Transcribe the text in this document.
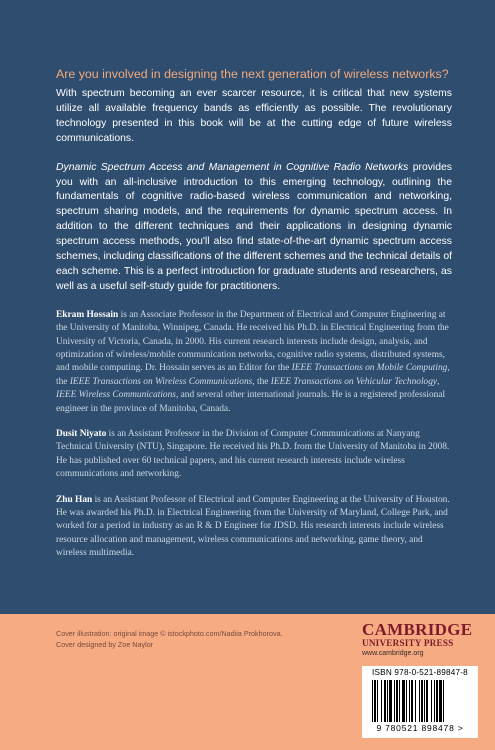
Are you involved in designing the next generation of wireless networks?

With spectrum becoming an ever scarcer resource, it is critical that new systems utilize all available frequency bands as efficiently as possible. The revolutionary technology presented in this book will be at the cutting edge of future wireless communications.

Dynamic Spectrum Access and Management in Cognitive Radio Networks provides you with an all-inclusive introduction to this emerging technology, outlining the fundamentals of cognitive radio-based wireless communication and networking, spectrum sharing models, and the requirements for dynamic spectrum access. In addition to the different techniques and their applications in designing dynamic spectrum access methods, you'll also find state-of-the-art dynamic spectrum access schemes, including classifications of the different schemes and the technical details of each scheme. This is a perfect introduction for graduate students and researchers, as well as a useful self-study guide for practitioners.

Ekram Hossain is an Associate Professor in the Department of Electrical and Computer Engineering at the University of Manitoba, Winnipeg, Canada. He received his Ph.D. in Electrical Engineering from the University of Victoria, Canada, in 2000. His current research interests include design, analysis, and optimization of wireless/mobile communication networks, cognitive radio systems, distributed systems, and mobile computing. Dr. Hossain serves as an Editor for the IEEE Transactions on Mobile Computing, the IEEE Transactions on Wireless Communications, the IEEE Transactions on Vehicular Technology, IEEE Wireless Communications, and several other international journals. He is a registered professional engineer in the province of Manitoba, Canada.

Dusit Niyato is an Assistant Professor in the Division of Computer Communications at Nanyang Technical University (NTU), Singapore. He received his Ph.D. from the University of Manitoba in 2008. He has published over 60 technical papers, and his current research interests include wireless communications and networking.

Zhu Han is an Assistant Professor of Electrical and Computer Engineering at the University of Houston. He was awarded his Ph.D. in Electrical Engineering from the University of Maryland, College Park, and worked for a period in industry as an R & D Engineer for JDSD. His research interests include wireless resource allocation and management, wireless communications and networking, game theory, and wireless multimedia.

Cover illustration: original image © istockphoto.com/Nadiia Prokhorova.
Cover designed by Zoe Naylor
CAMBRIDGE
UNIVERSITY PRESS
www.cambridge.org
ISBN 978-0-521-89847-8
9 780521 898478 >
